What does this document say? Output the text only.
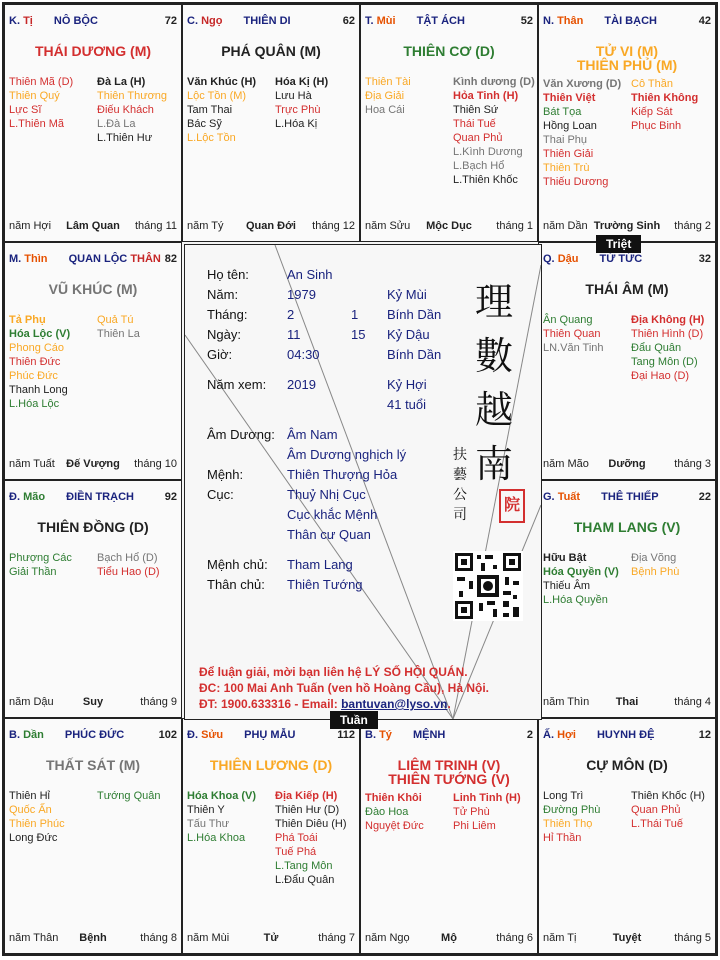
K. Tị NÔ BỘC	72
THÁI DƯƠNG (M)
Thiên Mã (D)
Thiên Quý
Lực Sĩ
L.Thiên Mã
Đà La (H)
Thiên Thương
Điếu Khách
L.Đà La
L.Thiên Hư
năm Hợi	Lâm Quan	tháng 11
C. Ngọ THIÊN DI	62
PHÁ QUÂN (M)
Văn Khúc (H)
Lộc Tồn (M)
Tam Thai
Bác Sỹ
L.Lộc Tồn
Hóa Kị (H)
Lưu Hà
Trực Phù
L.Hóa Kị
năm Tý	Quan Đới	tháng 12
T. Mùi TẬT ÁCH	52
THIÊN CƠ (D)
Thiên Tài
Địa Giải
Hoa Cái
Kình dương (D)
Hỏa Tinh (H)
Thiên Sứ
Thái Tuế
Quan Phủ
L.Kình Dương
L.Bạch Hổ
L.Thiên Khốc
năm Sửu	Mộc Dục	tháng 1
N. Thân TÀI BẠCH	42
TỬ VI (M)
THIÊN PHỦ (M)
Văn Xương (D)
Thiên Việt
Bát Tọa
Hồng Loan
Thai Phụ
Thiên Giải
Thiên Trù
Thiếu Dương
Cô Thần
Thiên Không
Kiếp Sát
Phục Binh
năm Dần Trường Sinh	tháng 2
M. Thìn QUAN LỘC THÂN 82
VŨ KHÚC (M)
Tả Phụ
Hóa Lộc (V)
Phong Cáo
Thiên Đức
Phúc Đức
Thanh Long
L.Hóa Lộc
Quả Tú
Thiên La
năm Tuất	Đế Vượng	tháng 10
Q. Dậu TỬ TỨC	32
THÁI ÂM (M)
Ân Quang
Thiên Quan
LN.Văn Tinh
Địa Không (H)
Thiên Hình (D)
Đẩu Quân
Tang Môn (D)
Đại Hao (D)
năm Mão	Dưỡng	tháng 3
Đ. Mão ĐIỀN TRẠCH	92
THIÊN ĐỒNG (D)
Phượng Các
Giải Thần
Bạch Hổ (D)
Tiểu Hao (D)
năm Dậu	Suy	tháng 9
G. Tuất THÊ THIẾP	22
THAM LANG (V)
Hữu Bật
Hóa Quyền (V)
Thiếu Âm
L.Hóa Quyền
Địa Võng
Bệnh Phù
năm Thìn	Thai	tháng 4
B. Dần PHÚC ĐỨC	102
THẤT SÁT (M)
Thiên Hỉ
Quốc Ấn
Thiên Phúc
Long Đức
Tướng Quân
năm Thân	Bệnh	tháng 8
Đ. Sửu PHỤ MẪU	112
THIÊN LƯƠNG (D)
Hóa Khoa (V)
Thiên Y
Tấu Thư
L.Hóa Khoa
Địa Kiếp (H)
Thiên Hư (D)
Thiên Diêu (H)
Phá Toái
Tuế Phá
L.Tang Môn
L.Đẩu Quân
năm Mùi	Tử	tháng 7
B. Tý MỆNH	2
LIÊM TRINH (V)
THIÊN TƯỚNG (V)
Thiên Khôi
Đào Hoa
Nguyệt Đức
Linh Tinh (H)
Tử Phù
Phi Liêm
năm Ngọ	Mộ	tháng 6
Ấ. Hợi HUYNH ĐỆ	12
CỰ MÔN (D)
Long Trì
Đường Phù
Thiên Thọ
Hỉ Thần
Thiên Khốc (H)
Quan Phủ
L.Thái Tuế
năm Tị	Tuyệt	tháng 5
Họ tên:	An Sinh
Năm:	1979	Kỷ Mùi
Tháng:	2	1 Bính Dần
Ngày:	11	15 Kỷ Dậu
Giờ:	04:30	Bính Dần
Năm xem: 2019	Kỷ Hợi
41 tuổi
Âm Dương: Âm Nam
Âm Dương nghịch lý
Mệnh:	Thiên Thượng Hỏa
Cục:	Thuỷ Nhị Cục
Cục khắc Mệnh
Thân cư Quan
Mệnh chủ: Tham Lang
Thân chủ: Thiên Tướng
理
數
越
南
扶
藝
公
司
院
Để luận giải, mời bạn liên hệ LÝ SỐ HỘI QUÁN.
ĐC: 100 Mai Anh Tuấn (ven hồ Hoàng Cầu), Hà Nội.
ĐT: 1900.633316 - Email: bantuvan@lyso.vn.
Triệt
Tuần
